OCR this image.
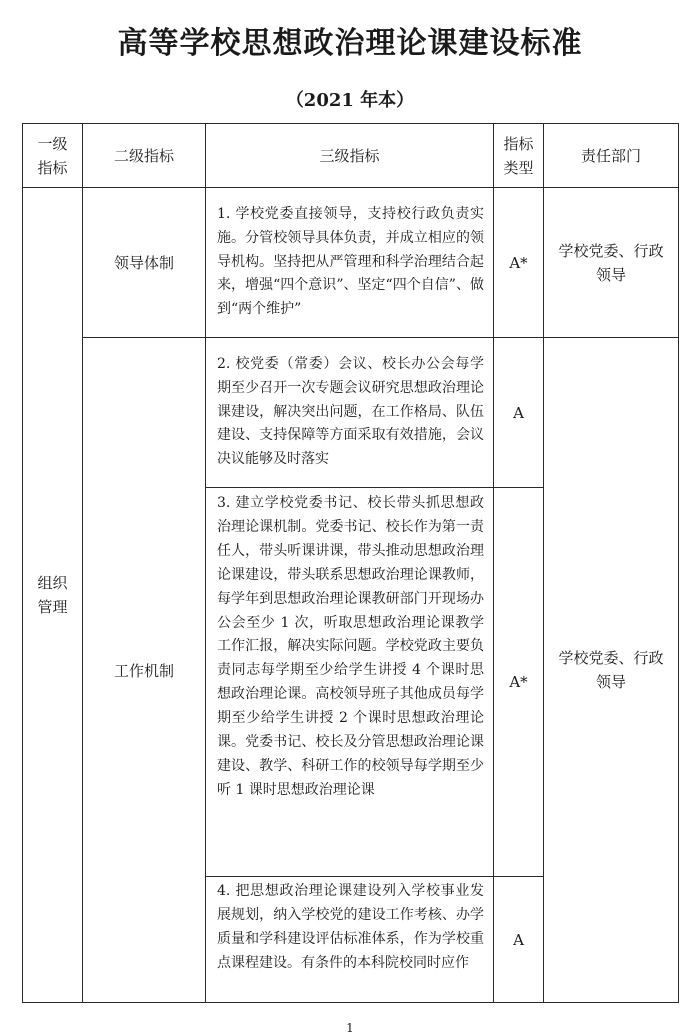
高等学校思想政治理论课建设标准
（2021 年本）
一级指标	二级指标	三级指标	指标类型	责任部门
组织管理	领导体制	1. 学校党委直接领导，支持校行政负责实施。分管校领导具体负责，并成立相应的领导机构。坚持把从严管理和科学治理结合起来，增强“四个意识”、坚定“四个自信”、做到“两个维护”	A*	学校党委、行政领导
	工作机制	2. 校党委（常委）会议、校长办公会每学期至少召开一次专题会议研究思想政治理论课建设，解决突出问题，在工作格局、队伍建设、支持保障等方面采取有效措施，会议决议能够及时落实	A	学校党委、行政领导
		3. 建立学校党委书记、校长带头抓思想政治理论课机制。党委书记、校长作为第一责任人，带头听课讲课，带头推动思想政治理论课建设，带头联系思想政治理论课教师，每学年到思想政治理论课教研部门开现场办公会至少 1 次，听取思想政治理论课教学工作汇报，解决实际问题。学校党政主要负责同志每学期至少给学生讲授 4 个课时思想政治理论课。高校领导班子其他成员每学期至少给学生讲授 2 个课时思想政治理论课。党委书记、校长及分管思想政治理论课建设、教学、科研工作的校领导每学期至少听 1 课时思想政治理论课	A*	
		4. 把思想政治理论课建设列入学校事业发展规划，纳入学校党的建设工作考核、办学质量和学科建设评估标准体系，作为学校重点课程建设。有条件的本科院校同时应作	A	
1
